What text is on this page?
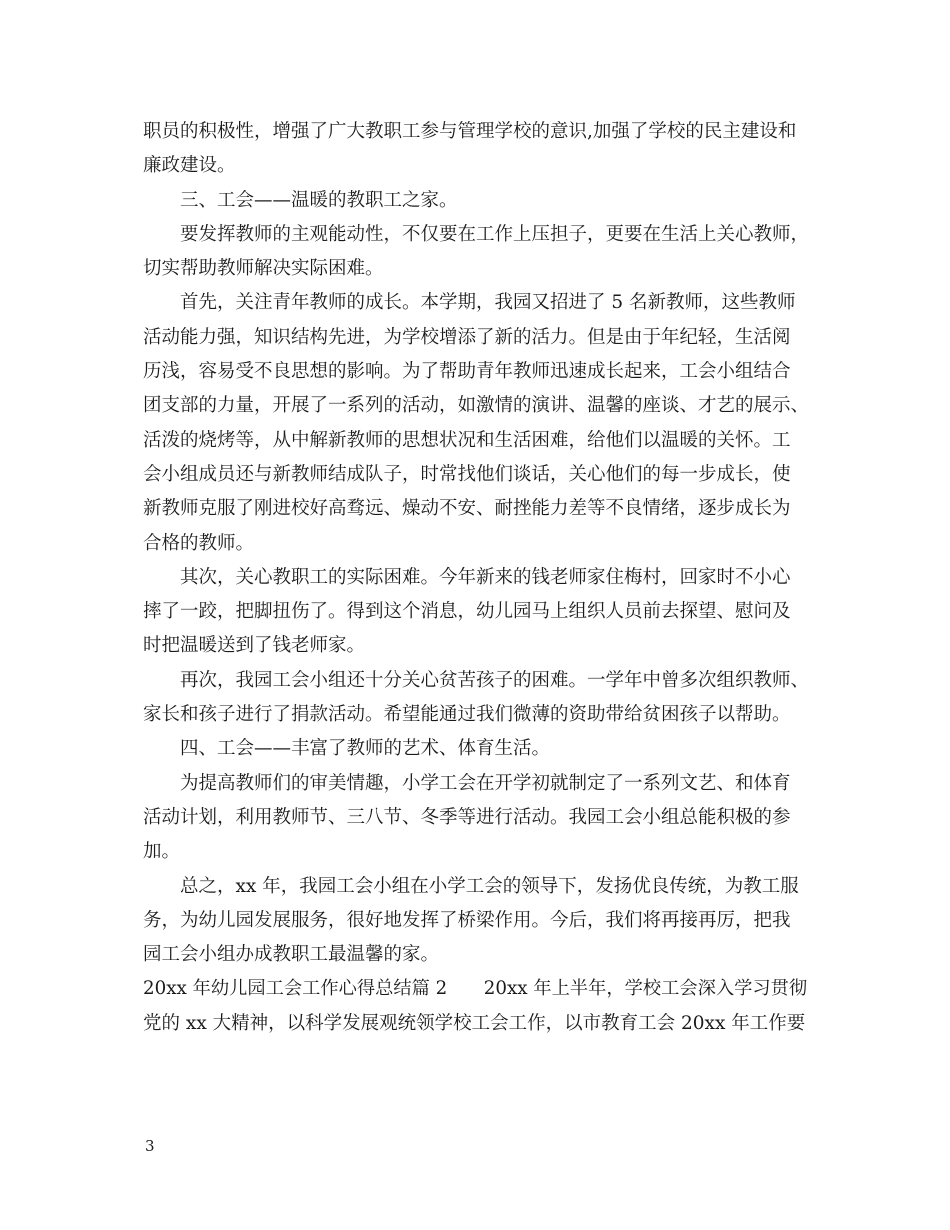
职员的积极性，增强了广大教职工参与管理学校的意识,加强了学校的民主建设和
廉政建设。
三、工会——温暖的教职工之家。
要发挥教师的主观能动性，不仅要在工作上压担子，更要在生活上关心教师，
切实帮助教师解决实际困难。
首先，关注青年教师的成长。本学期，我园又招进了 5 名新教师，这些教师
活动能力强，知识结构先进，为学校增添了新的活力。但是由于年纪轻，生活阅
历浅，容易受不良思想的影响。为了帮助青年教师迅速成长起来，工会小组结合
团支部的力量，开展了一系列的活动，如激情的演讲、温馨的座谈、才艺的展示、
活泼的烧烤等，从中解新教师的思想状况和生活困难，给他们以温暖的关怀。工
会小组成员还与新教师结成队子，时常找他们谈话，关心他们的每一步成长，使
新教师克服了刚进校好高骛远、燥动不安、耐挫能力差等不良情绪，逐步成长为
合格的教师。
其次，关心教职工的实际困难。今年新来的钱老师家住梅村，回家时不小心
摔了一跤，把脚扭伤了。得到这个消息，幼儿园马上组织人员前去探望、慰问及
时把温暖送到了钱老师家。
再次，我园工会小组还十分关心贫苦孩子的困难。一学年中曾多次组织教师、
家长和孩子进行了捐款活动。希望能通过我们微薄的资助带给贫困孩子以帮助。
四、工会——丰富了教师的艺术、体育生活。
为提高教师们的审美情趣，小学工会在开学初就制定了一系列文艺、和体育
活动计划，利用教师节、三八节、冬季等进行活动。我园工会小组总能积极的参
加。
总之，xx 年，我园工会小组在小学工会的领导下，发扬优良传统，为教工服
务，为幼儿园发展服务，很好地发挥了桥梁作用。今后，我们将再接再厉，把我
园工会小组办成教职工最温馨的家。
20xx 年幼儿园工会工作心得总结篇 2　　20xx 年上半年，学校工会深入学习贯彻
党的 xx 大精神，以科学发展观统领学校工会工作，以市教育工会 20xx 年工作要
3
